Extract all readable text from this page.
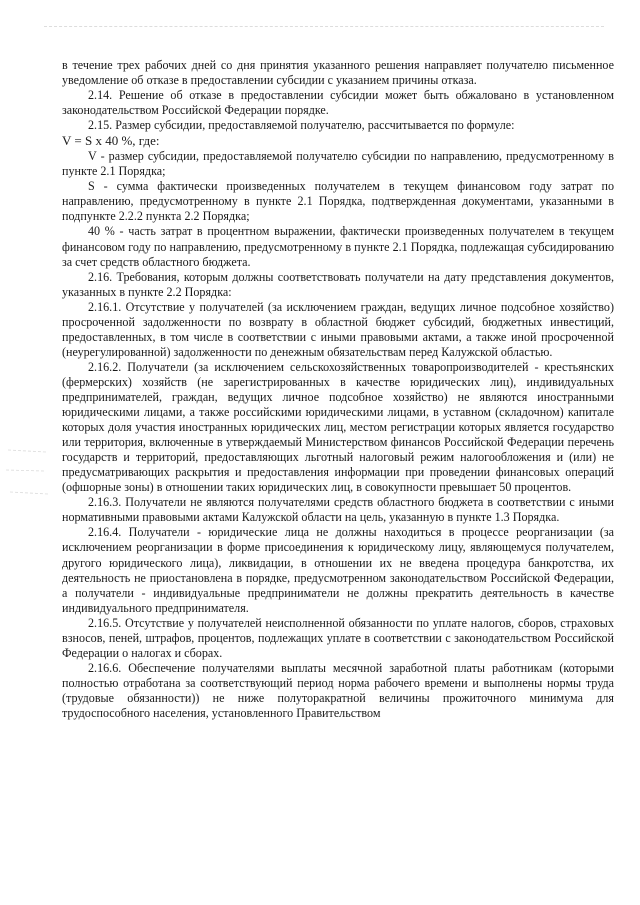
в течение трех рабочих дней со дня принятия указанного решения направляет получателю письменное уведомление об отказе в предоставлении субсидии с указанием причины отказа.

2.14. Решение об отказе в предоставлении субсидии может быть обжаловано в установленном законодательством Российской Федерации порядке.

2.15. Размер субсидии, предоставляемой получателю, рассчитывается по формуле:

V = S x 40 %, где:

V - размер субсидии, предоставляемой получателю субсидии по направлению, предусмотренному в пункте 2.1 Порядка;

S - сумма фактически произведенных получателем в текущем финансовом году затрат по направлению, предусмотренному в пункте 2.1 Порядка, подтвержденная документами, указанными в подпункте 2.2.2 пункта 2.2 Порядка;

40 % - часть затрат в процентном выражении, фактически произведенных получателем в текущем финансовом году по направлению, предусмотренному в пункте 2.1 Порядка, подлежащая субсидированию за счет средств областного бюджета.

2.16. Требования, которым должны соответствовать получатели на дату представления документов, указанных в пункте 2.2 Порядка:

2.16.1. Отсутствие у получателей (за исключением граждан, ведущих личное подсобное хозяйство) просроченной задолженности по возврату в областной бюджет субсидий, бюджетных инвестиций, предоставленных, в том числе в соответствии с иными правовыми актами, а также иной просроченной (неурегулированной) задолженности по денежным обязательствам перед Калужской областью.

2.16.2. Получатели (за исключением сельскохозяйственных товаропроизводителей - крестьянских (фермерских) хозяйств (не зарегистрированных в качестве юридических лиц), индивидуальных предпринимателей, граждан, ведущих личное подсобное хозяйство) не являются иностранными юридическими лицами, а также российскими юридическими лицами, в уставном (складочном) капитале которых доля участия иностранных юридических лиц, местом регистрации которых является государство или территория, включенные в утверждаемый Министерством финансов Российской Федерации перечень государств и территорий, предоставляющих льготный налоговый режим налогообложения и (или) не предусматривающих раскрытия и предоставления информации при проведении финансовых операций (офшорные зоны) в отношении таких юридических лиц, в совокупности превышает 50 процентов.

2.16.3. Получатели не являются получателями средств областного бюджета в соответствии с иными нормативными правовыми актами Калужской области на цель, указанную в пункте 1.3 Порядка.

2.16.4. Получатели - юридические лица не должны находиться в процессе реорганизации (за исключением реорганизации в форме присоединения к юридическому лицу, являющемуся получателем, другого юридического лица), ликвидации, в отношении их не введена процедура банкротства, их деятельность не приостановлена в порядке, предусмотренном законодательством Российской Федерации, а получатели - индивидуальные предприниматели не должны прекратить деятельность в качестве индивидуального предпринимателя.

2.16.5. Отсутствие у получателей неисполненной обязанности по уплате налогов, сборов, страховых взносов, пеней, штрафов, процентов, подлежащих уплате в соответствии с законодательством Российской Федерации о налогах и сборах.

2.16.6. Обеспечение получателями выплаты месячной заработной платы работникам (которыми полностью отработана за соответствующий период норма рабочего времени и выполнены нормы труда (трудовые обязанности)) не ниже полуторакратной величины прожиточного минимума для трудоспособного населения, установленного Правительством
